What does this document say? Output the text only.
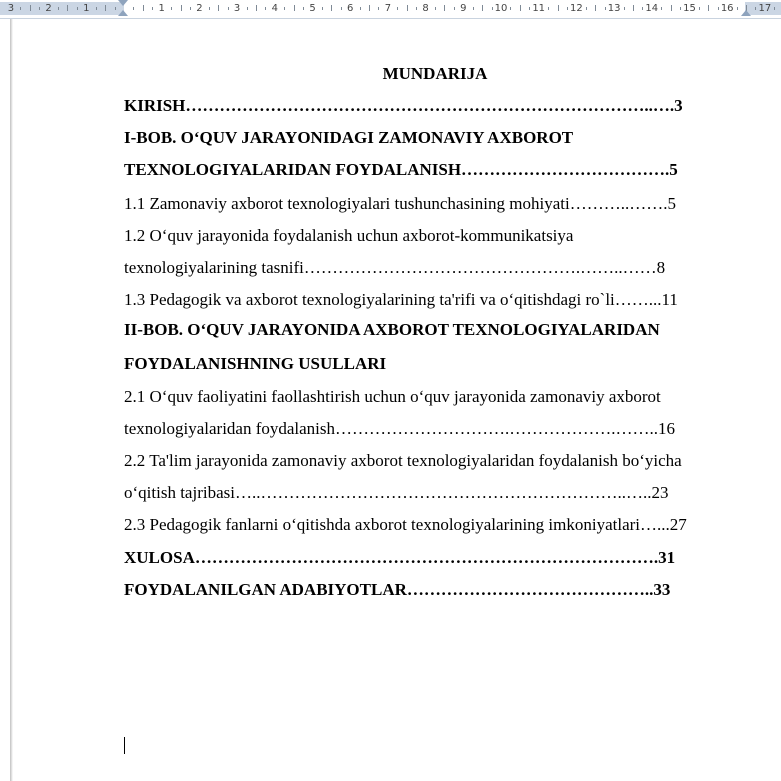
3	2	1	1	2	3	4	5	6	7	8	9	10 11 12 13 14 15 16 17
MUNDARIJA
KIRISH………………………………………………………………………..….3
I-BOB. O‘QUV JARAYONIDAGI ZAMONAVIY AXBOROT
TEXNOLOGIYALARIDAN FOYDALANISH……………………………….5
1.1 Zamonaviy axborot texnologiyalari tushunchasining mohiyati………..…….5
1.2 O‘quv jarayonida foydalanish uchun axborot-kommunikatsiya
texnologiyalarining tasnifi………………………………………….……..……8
1.3 Pedagogik va axborot texnologiyalarining ta'rifi va o‘qitishdagi ro`li……...11
II-BOB. O‘QUV JARAYONIDA AXBOROT TEXNOLOGIYALARIDAN
FOYDALANISHNING USULLARI
2.1 O‘quv faoliyatini faollashtirish uchun o‘quv jarayonida zamonaviy axborot
texnologiyalaridan foydalanish………………………….……………….……..16
2.2 Ta'lim jarayonida zamonaviy axborot texnologiyalaridan foydalanish bo‘yicha
o‘qitish tajribasi…..………………………………………………………..…..23
2.3 Pedagogik fanlarni o‘qitishda axborot texnologiyalarining imkoniyatlari…...27
XULOSA……………………………………………………………………….31
FOYDALANILGAN ADABIYOTLAR……………………………………..33
